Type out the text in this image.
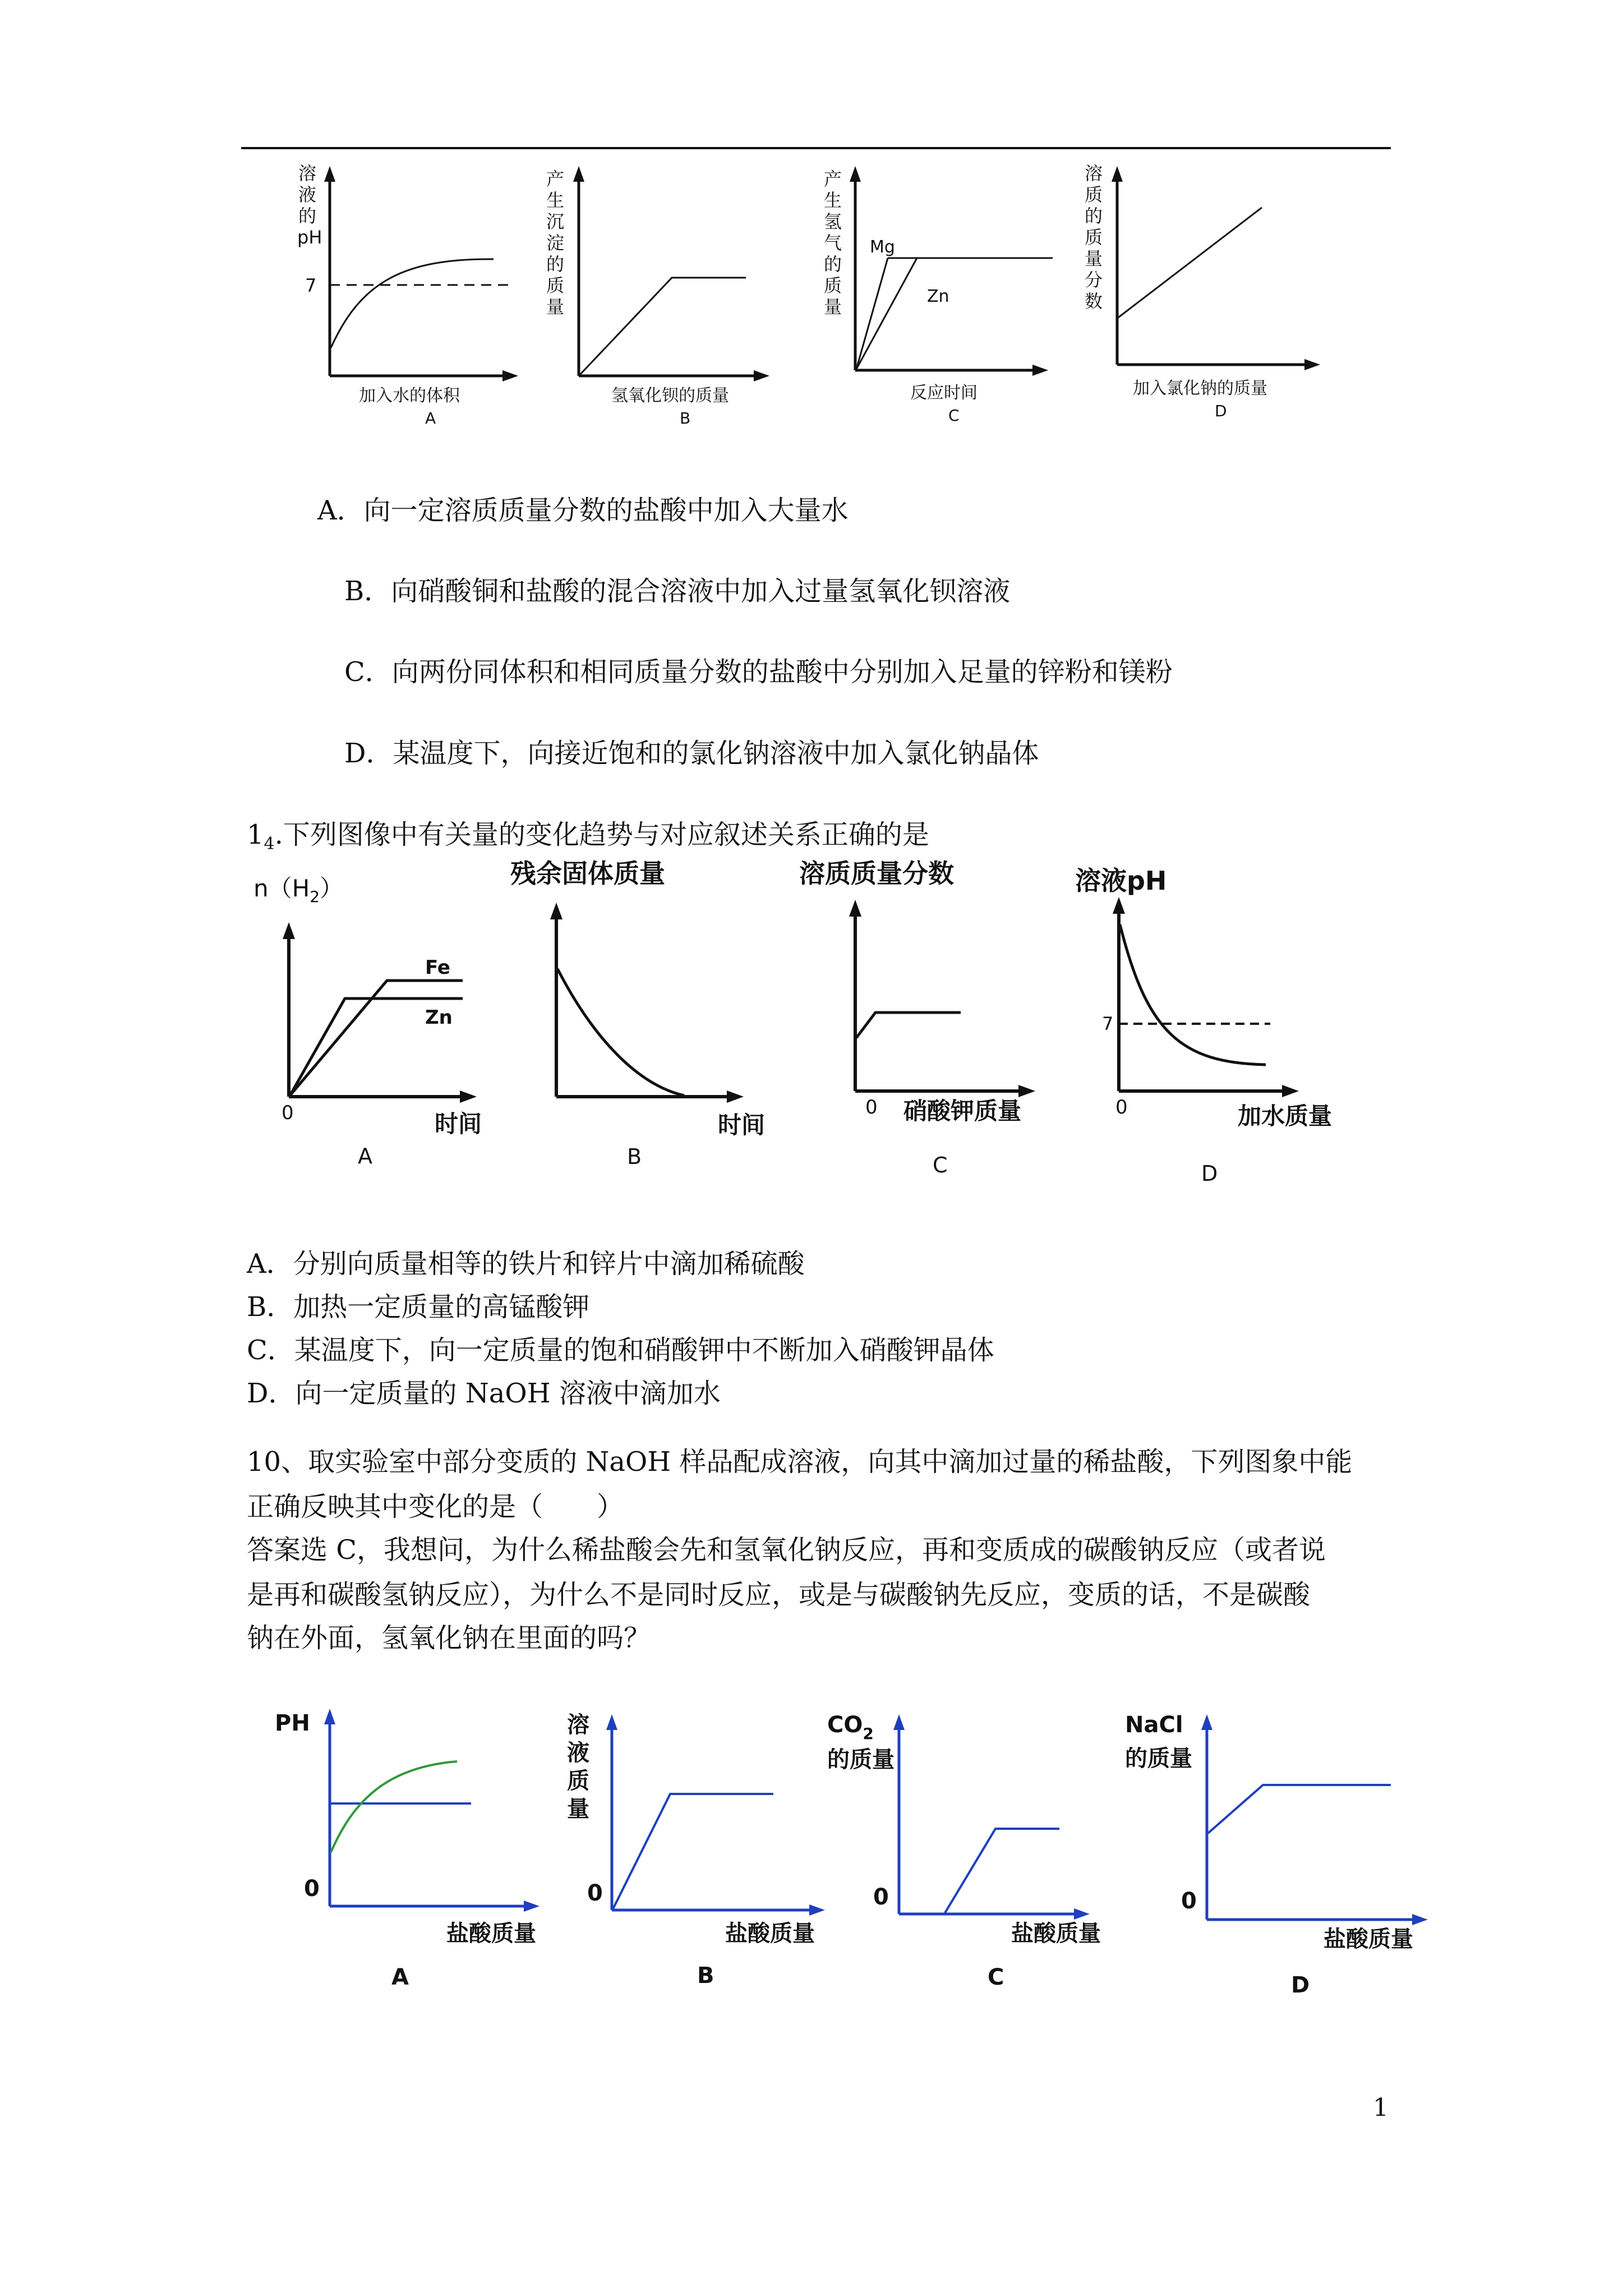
溶
液
的
pH
7
加入水的体积
A
产
生
沉
淀
的
质
量
氢氧化钡的质量
B
产
生
氢
气
的
质
量
Mg
Zn
反应时间
C
溶
质
的
质
量
分
数
加入氯化钠的质量
D
A．向一定溶质质量分数的盐酸中加入大量水
B．向硝酸铜和盐酸的混合溶液中加入过量氢氧化钡溶液
C．向两份同体积和相同质量分数的盐酸中分别加入足量的锌粉和镁粉
D．某温度下，向接近饱和的氯化钠溶液中加入氯化钠晶体
$1_4$.下列图像中有关量的变化趋势与对应叙述关系正确的是
$n(H_2)$
Fe
Zn
0	时间
A
残余固体质量
时间
B
溶质质量分数
0 硝酸钾质量
C
溶液pH
7
0	加水质量
D
A．分别向质量相等的铁片和锌片中滴加稀硫酸
B．加热一定质量的高锰酸钾
C．某温度下，向一定质量的饱和硝酸钾中不断加入硝酸钾晶体
D．向一定质量的 NaOH 溶液中滴加水
10、取实验室中部分变质的 NaOH 样品配成溶液，向其中滴加过量的稀盐酸，下列图象中能
正确反映其中变化的是（　　）
答案选 C，我想问，为什么稀盐酸会先和氢氧化钠反应，再和变质成的碳酸钠反应（或者说
是再和碳酸氢钠反应），为什么不是同时反应，或是与碳酸钠先反应，变质的话，不是碳酸
钠在外面，氢氧化钠在里面的吗？
PH
0
盐酸质量
A
溶
液
质
量
0
盐酸质量
B
$CO_2$
的质量
0
盐酸质量
C
NaCl
的质量
0
盐酸质量
D
1
